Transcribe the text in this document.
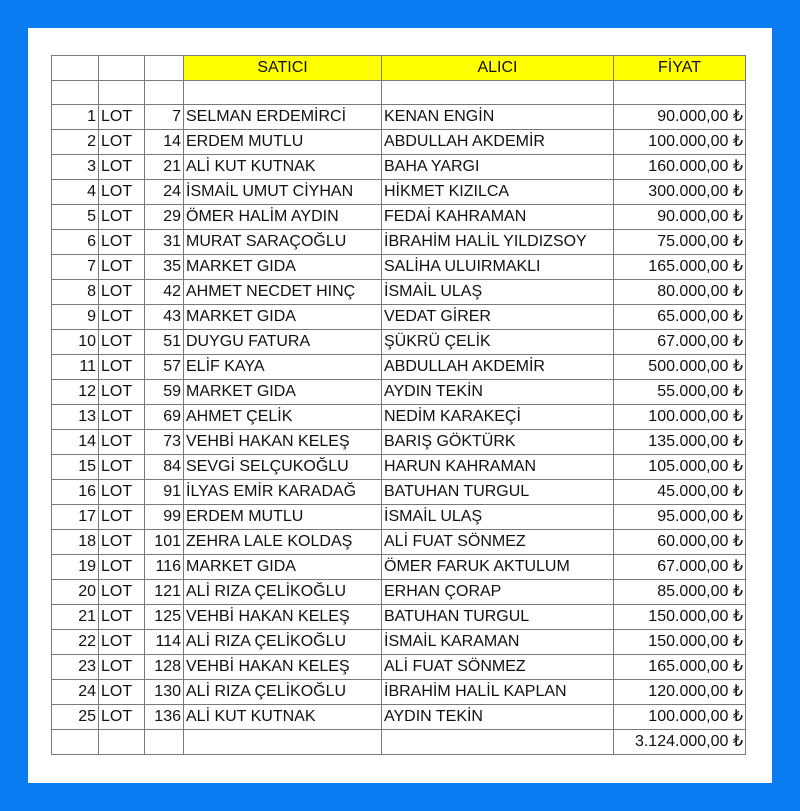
			SATICI	ALICI	FİYAT

1	LOT	7	SELMAN ERDEMİRCİ	KENAN ENGİN	90.000,00 ₺
2	LOT	14	ERDEM MUTLU	ABDULLAH AKDEMİR	100.000,00 ₺
3	LOT	21	ALİ KUT KUTNAK	BAHA YARGI	160.000,00 ₺
4	LOT	24	İSMAİL UMUT CİYHAN	HİKMET KIZILCA	300.000,00 ₺
5	LOT	29	ÖMER HALİM AYDIN	FEDAİ KAHRAMAN	90.000,00 ₺
6	LOT	31	MURAT SARAÇOĞLU	İBRAHİM HALİL YILDIZSOY	75.000,00 ₺
7	LOT	35	MARKET GIDA	SALİHA ULUIRMAKLI	165.000,00 ₺
8	LOT	42	AHMET NECDET HINÇ	İSMAİL ULAŞ	80.000,00 ₺
9	LOT	43	MARKET GIDA	VEDAT GİRER	65.000,00 ₺
10	LOT	51	DUYGU FATURA	ŞÜKRÜ ÇELİK	67.000,00 ₺
11	LOT	57	ELİF KAYA	ABDULLAH AKDEMİR	500.000,00 ₺
12	LOT	59	MARKET GIDA	AYDIN TEKİN	55.000,00 ₺
13	LOT	69	AHMET ÇELİK	NEDİM KARAKEÇİ	100.000,00 ₺
14	LOT	73	VEHBİ HAKAN KELEŞ	BARIŞ GÖKTÜRK	135.000,00 ₺
15	LOT	84	SEVGİ SELÇUKOĞLU	HARUN KAHRAMAN	105.000,00 ₺
16	LOT	91	İLYAS EMİR KARADAĞ	BATUHAN TURGUL	45.000,00 ₺
17	LOT	99	ERDEM MUTLU	İSMAİL ULAŞ	95.000,00 ₺
18	LOT	101	ZEHRA LALE KOLDAŞ	ALİ FUAT SÖNMEZ	60.000,00 ₺
19	LOT	116	MARKET GIDA	ÖMER FARUK AKTULUM	67.000,00 ₺
20	LOT	121	ALİ RIZA ÇELİKOĞLU	ERHAN ÇORAP	85.000,00 ₺
21	LOT	125	VEHBİ HAKAN KELEŞ	BATUHAN TURGUL	150.000,00 ₺
22	LOT	114	ALİ RIZA ÇELİKOĞLU	İSMAİL KARAMAN	150.000,00 ₺
23	LOT	128	VEHBİ HAKAN KELEŞ	ALİ FUAT SÖNMEZ	165.000,00 ₺
24	LOT	130	ALİ RIZA ÇELİKOĞLU	İBRAHİM HALİL KAPLAN	120.000,00 ₺
25	LOT	136	ALİ KUT KUTNAK	AYDIN TEKİN	100.000,00 ₺
					3.124.000,00 ₺
